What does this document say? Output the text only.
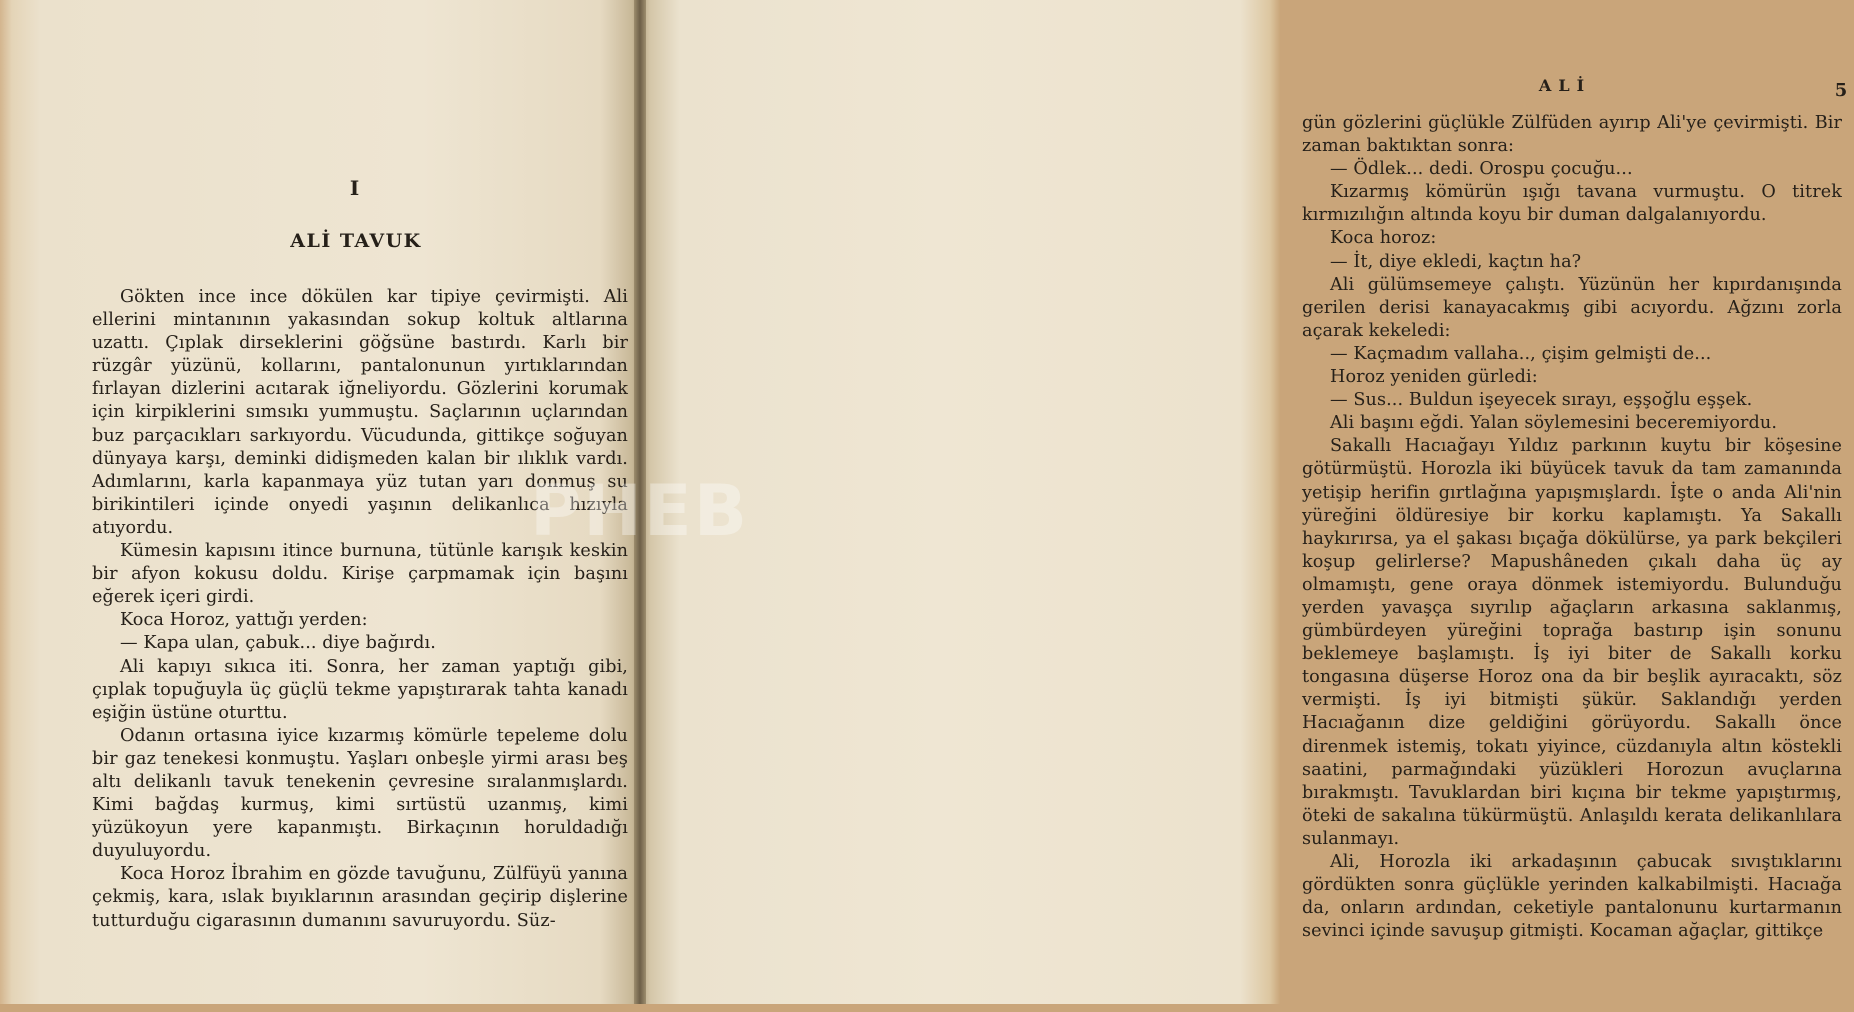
I
ALİ TAVUK

Gökten ince ince dökülen kar tipiye çevirmişti. Ali ellerini mintanının yakasından sokup koltuk altlarına uzattı. Çıplak dirseklerini göğsüne bastırdı. Karlı bir rüzgâr yüzünü, kollarını, pantalonunun yırtıklarından fırlayan dizlerini acıtarak iğneliyordu. Gözlerini korumak için kirpiklerini sımsıkı yummuştu. Saçlarının uçlarından buz parçacıkları sarkıyordu. Vücudunda, gittikçe soğuyan dünyaya karşı, deminki didişmeden kalan bir ılıklık vardı. Adımlarını, karla kapanmaya yüz tutan yarı donmuş su birikintileri içinde onyedi yaşının delikanlıca hızıyla atıyordu.

Kümesin kapısını itince burnuna, tütünle karışık keskin bir afyon kokusu doldu. Kirişe çarpmamak için başını eğerek içeri girdi.

Koca Horoz, yattığı yerden:

— Kapa ulan, çabuk... diye bağırdı.

Ali kapıyı sıkıca iti. Sonra, her zaman yaptığı gibi, çıplak topuğuyla üç güçlü tekme yapıştırarak tahta kanadı eşiğin üstüne oturttu.

Odanın ortasına iyice kızarmış kömürle tepeleme dolu bir gaz tenekesi konmuştu. Yaşları onbeşle yirmi arası beş altı delikanlı tavuk tenekenin çevresine sıralanmışlardı. Kimi bağdaş kurmuş, kimi sırtüstü uzanmış, kimi yüzükoyun yere kapanmıştı. Birkaçının horuldadığı duyuluyordu.

Koca Horoz İbrahim en gözde tavuğunu, Zülfüyü yanına çekmiş, kara, ıslak bıyıklarının arasından geçirip dişlerine tutturduğu cigarasının dumanını savuruyordu. Süz-

ALİ	5

gün gözlerini güçlükle Zülfüden ayırıp Ali'ye çevirmişti. Bir zaman baktıktan sonra:

— Ödlek... dedi. Orospu çocuğu...

Kızarmış kömürün ışığı tavana vurmuştu. O titrek kırmızılığın altında koyu bir duman dalgalanıyordu.

Koca horoz:

— İt, diye ekledi, kaçtın ha?

Ali gülümsemeye çalıştı. Yüzünün her kıpırdanışında gerilen derisi kanayacakmış gibi acıyordu. Ağzını zorla açarak kekeledi:

— Kaçmadım vallaha.., çişim gelmişti de...

Horoz yeniden gürledi:

— Sus... Buldun işeyecek sırayı, eşşoğlu eşşek.

Ali başını eğdi. Yalan söylemesini beceremiyordu.

Sakallı Hacıağayı Yıldız parkının kuytu bir köşesine götürmüştü. Horozla iki büyücek tavuk da tam zamanında yetişip herifin gırtlağına yapışmışlardı. İşte o anda Ali'nin yüreğini öldüresiye bir korku kaplamıştı. Ya Sakallı haykırırsa, ya el şakası bıçağa dökülürse, ya park bekçileri koşup gelirlerse? Mapushâneden çıkalı daha üç ay olmamıştı, gene oraya dönmek istemiyordu. Bulunduğu yerden yavaşça sıyrılıp ağaçların arkasına saklanmış, gümbürdeyen yüreğini toprağa bastırıp işin sonunu beklemeye başlamıştı. İş iyi biter de Sakallı korku tongasına düşerse Horoz ona da bir beşlik ayıracaktı, söz vermişti. İş iyi bitmişti şükür. Saklandığı yerden Hacıağanın dize geldiğini görüyordu. Sakallı önce direnmek istemiş, tokatı yiyince, cüzdanıyla altın köstekli saatini, parmağındaki yüzükleri Horozun avuçlarına bırakmıştı. Tavuklardan biri kıçına bir tekme yapıştırmış, öteki de sakalına tükürmüştü. Anlaşıldı kerata delikanlılara sulanmayı.

Ali, Horozla iki arkadaşının çabucak sıvıştıklarını gördükten sonra güçlükle yerinden kalkabilmişti. Hacıağa da, onların ardından, ceketiyle pantalonunu kurtarmanın sevinci içinde savuşup gitmişti. Kocaman ağaçlar, gittikçe

PHEB
